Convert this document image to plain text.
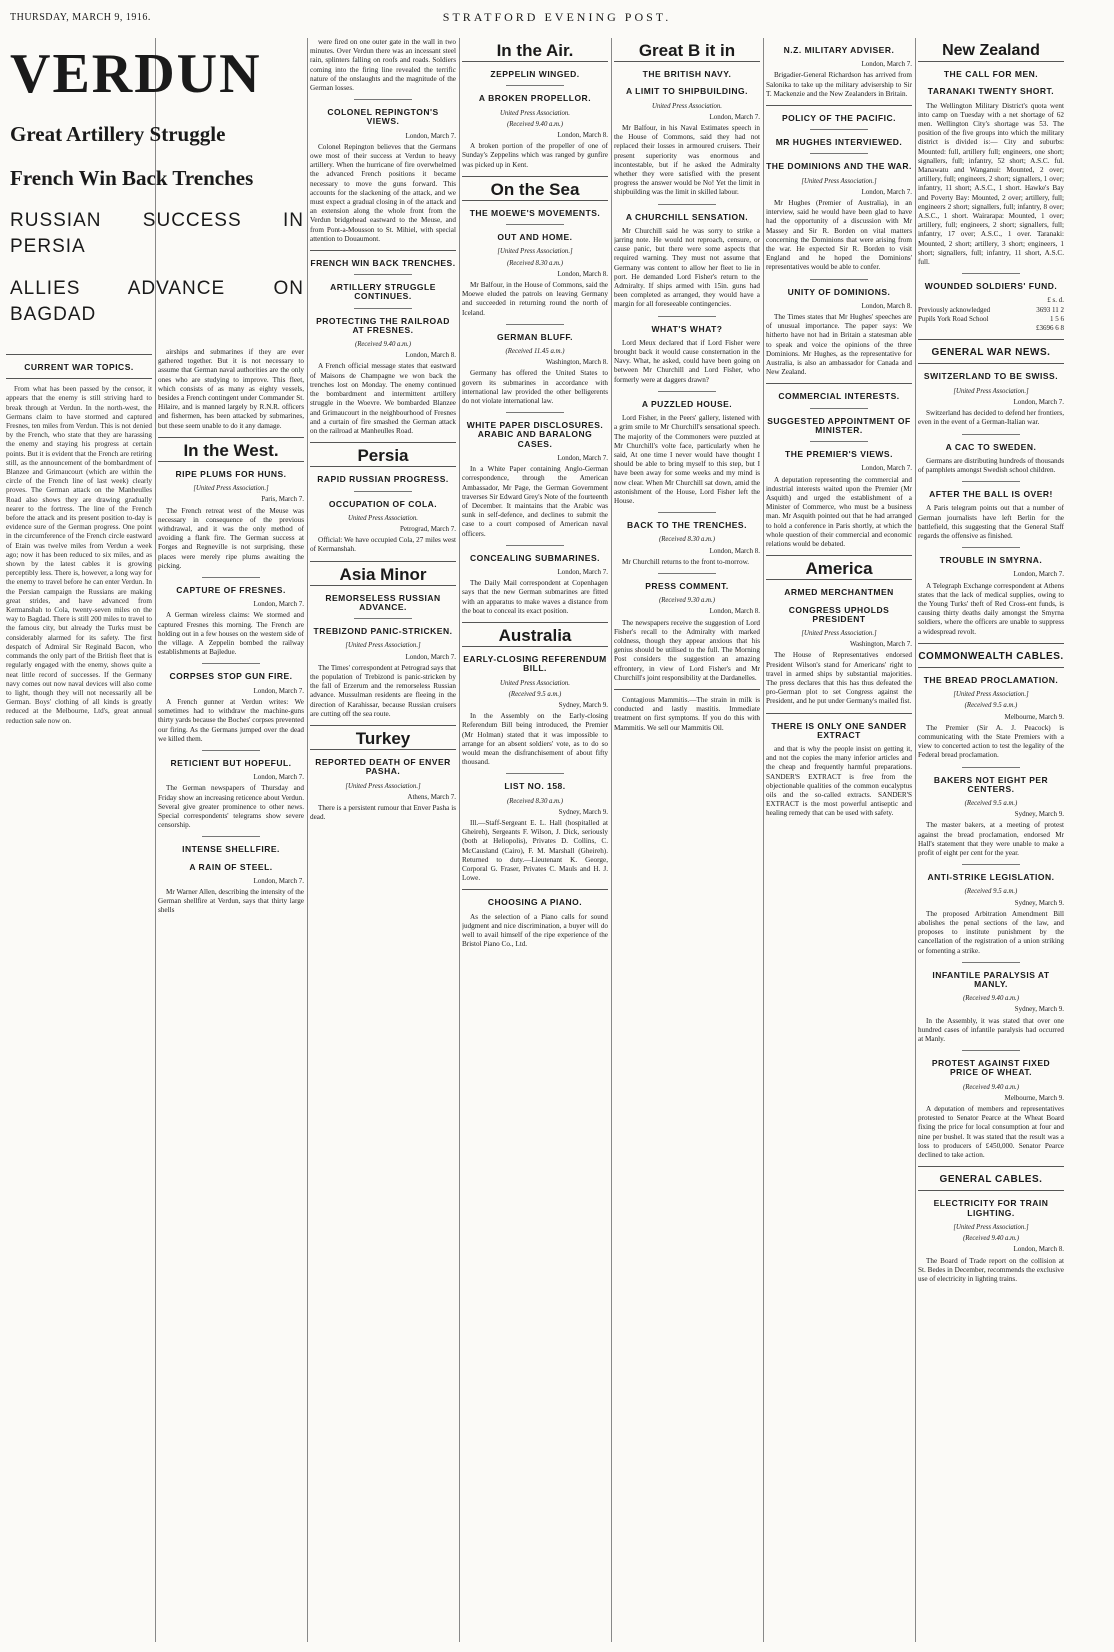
THURSDAY, MARCH 9, 1916.	STRATFORD EVENING POST.
VERDUN
Great Artillery Struggle
French Win Back Trenches
RUSSIAN SUCCESS IN PERSIA
ALLIES ADVANCE ON BAGDAD
CURRENT WAR TOPICS.

From what has been passed by the censor, it appears that the enemy is still striving hard to break through at Verdun. In the north-west, the Germans claim to have stormed and captured Fresnes, ten miles from Verdun. This is not denied by the French, who state that they are harassing the enemy and staying his progress at certain points. But it is evident that the French are retiring still, as the announcement of the bombardment of Blanzee and Grimaucourt (which are within the circle of the French line of last week) clearly proves. The German attack on the Manheulles Road also shows they are drawing gradually nearer to the fortress. The line of the French before the attack and its present position to-day is evidence sure of the German progress. One point in the circumference of the French circle eastward of Etain was twelve miles from Verdun a week ago; now it has been reduced to six miles, and as shown by the latest cables it is growing perceptibly less. There is, however, a long way for the enemy to travel before he can enter Verdun. In the Persian campaign the Russians are making great strides, and have advanced from Kermanshah to Cola, twenty-seven miles on the way to Bagdad. There is still 200 miles to travel to the famous city, but already the Turks must be considerably alarmed for its safety. The first despatch of Admiral Sir Reginald Bacon, who commands the only part of the British fleet that is regularly engaged with the enemy, shows quite a neat little record of successes. If the Germany navy comes out now naval devices will also come to light, though they will not necessarily all be German. Boys' clothing of all kinds is greatly reduced at the Melbourne, Ltd's, great annual reduction sale now on.

airships and submarines if they are ever gathered together. But it is not necessary to assume that German naval authorities are the only ones who are studying to improve. This fleet, which consists of as many as eighty vessels, besides a French contingent under Commander St. Hilaire, and is manned largely by R.N.R. officers and fishermen, has been attacked by submarines, but these seem unable to do it any damage.

In the West.
RIPE PLUMS FOR HUNS.
[United Press Association.]
Paris, March 7.

The French retreat west of the Meuse was necessary in consequence of the previous withdrawal, and it was the only method of avoiding a flank fire. The German success at Forges and Regneville is not surprising, these places were merely ripe plums awaiting the picking.

CAPTURE OF FRESNES.
London, March 7.

A German wireless claims: We stormed and captured Fresnes this morning. The French are holding out in a few houses on the western side of the village. A Zeppelin bombed the railway establishments at Bajledue.

CORPSES STOP GUN FIRE.
London, March 7.

A French gunner at Verdun writes: We sometimes had to withdraw the machine-guns thirty yards because the Boches' corpses prevented our firing. As the Germans jumped over the dead we killed them.

RETICIENT BUT HOPEFUL.
London, March 7.

The German newspapers of Thursday and Friday show an increasing reticence about Verdun. Several give greater prominence to other news. Special correspondents' telegrams show severe censorship.

INTENSE SHELLFIRE.
A RAIN OF STEEL.
London, March 7.

Mr Warner Allen, describing the intensity of the German shellfire at Verdun, says that thirty large shells

were fired on one outer gate in the wall in two minutes. Over Verdun there was an incessant steel rain, splinters falling on roofs and roads. Soldiers coming into the firing line revealed the terrific nature of the onslaughts and the magnitude of the German losses.

COLONEL REPINGTON'S VIEWS.
London, March 7.

Colonel Repington believes that the Germans owe most of their success at Verdun to heavy artillery. When the hurricane of fire overwhelmed the advanced French positions it became necessary to move the guns forward. This accounts for the slackening of the attack, and we must expect a gradual closing in of the attack and an extension along the whole front from the Verdun bridgehead eastward to the Meuse, and from Pont-a-Mousson to St. Mihiel, with special attention to Douaumont.

FRENCH WIN BACK TRENCHES.
ARTILLERY STRUGGLE CONTINUES.
PROTECTING THE RAILROAD AT FRESNES.
(Received 9.40 a.m.)
London, March 8.

A French official message states that eastward of Maisons de Champagne we won back the trenches lost on Monday. The enemy continued the bombardment and intermittent artillery struggle in the Woevre. We bombarded Blanzee and Grimaucourt in the neighbourhood of Fresnes and a curtain of fire smashed the German attack on the railroad at Manheulles Road.

Persia
RAPID RUSSIAN PROGRESS.
OCCUPATION OF COLA.
United Press Association.
Petrograd, March 7.

Official: We have occupied Cola, 27 miles west of Kermanshah.

Asia Minor
REMORSELESS RUSSIAN ADVANCE.
TREBIZOND PANIC-STRICKEN.
[United Press Association.]
London, March 7.

The Times' correspondent at Petrograd says that the population of Trebizond is panic-stricken by the fall of Erzerum and the remorseless Russian advance. Mussulman residents are fleeing in the direction of Karahissar, because Russian cruisers are cutting off the sea route.

Turkey
REPORTED DEATH OF ENVER PASHA.
[United Press Association.]
Athens, March 7.

There is a persistent rumour that Enver Pasha is dead.

In the Air.
ZEPPELIN WINGED.
A BROKEN PROPELLOR.
United Press Association.
(Received 9.40 a.m.)
London, March 8.

A broken portion of the propeller of one of Sunday's Zeppelins which was ranged by gunfire was picked up in Kent.

On the Sea
THE MOEWE'S MOVEMENTS.
OUT AND HOME.
[United Press Association.]
(Received 8.30 a.m.)
London, March 8.

Mr Balfour, in the House of Commons, said the Moewe eluded the patrols on leaving Germany and succeeded in returning round the north of Iceland.

GERMAN BLUFF.
(Received 11.45 a.m.)
Washington, March 8.

Germany has offered the United States to govern its submarines in accordance with international law provided the other belligerents do not violate international law.

WHITE PAPER DISCLOSURES. ARABIC AND BARALONG CASES.
London, March 7.

In a White Paper containing Anglo-German correspondence, through the American Ambassador, Mr Page, the German Government traverses Sir Edward Grey's Note of the fourteenth of December. It maintains that the Arabic was sunk in self-defence, and declines to submit the case to a court composed of American naval officers.

CONCEALING SUBMARINES.
London, March 7.

The Daily Mail correspondent at Copenhagen says that the new German submarines are fitted with an apparatus to make waves a distance from the boat to conceal its exact position.

Australia
EARLY-CLOSING REFERENDUM BILL.
United Press Association.
(Received 9.5 a.m.)
Sydney, March 9.

In the Assembly on the Early-closing Referendum Bill being introduced, the Premier (Mr Holman) stated that it was impossible to arrange for an absent soldiers' vote, as to do so would mean the disfranchisement of about fifty thousand.

LIST NO. 158.
(Received 8.30 a.m.)
Sydney, March 9.

Ill.—Staff-Sergeant E. L. Hall (hospitalled at Gheireh), Sergeants F. Wilson, J. Dick, seriously (both at Heliopolis), Privates D. Collins, C. McCausland (Cairo), F. M. Marshall (Gheireh). Returned to duty.—Lieutenant K. George, Corporal G. Fraser, Privates C. Mauls and H. J. Lowe.

CHOOSING A PIANO.

As the selection of a Piano calls for sound judgment and nice discrimination, a buyer will do well to avail himself of the ripe experience of the Bristol Piano Co., Ltd.

Great B it in
THE BRITISH NAVY.
A LIMIT TO SHIPBUILDING.
United Press Association.
London, March 7.

Mr Balfour, in his Naval Estimates speech in the House of Commons, said they had not replaced their losses in armoured cruisers. Their present superiority was enormous and incontestable, but if he asked the Admiralty whether they were satisfied with the present progress the answer would be No! Yet the limit in shipbuilding was the limit in skilled labour.

A CHURCHILL SENSATION.

Mr Churchill said he was sorry to strike a jarring note. He would not reproach, censure, or cause panic, but there were some aspects that required warning. They must not assume that Germany was content to allow her fleet to lie in port. He demanded Lord Fisher's return to the Admiralty. If ships armed with 15in. guns had been completed as arranged, they would have a margin for all foreseeable contingencies.

WHAT'S WHAT?

Lord Meux declared that if Lord Fisher were brought back it would cause consternation in the Navy. What, he asked, could have been going on between Mr Churchill and Lord Fisher, who formerly were at daggers drawn?

A PUZZLED HOUSE.

Lord Fisher, in the Peers' gallery, listened with a grim smile to Mr Churchill's sensational speech. The majority of the Commoners were puzzled at Mr Churchill's volte face, particularly when he said, At one time I never would have thought I should be able to bring myself to this step, but I have been away for some weeks and my mind is now clear. When Mr Churchill sat down, amid the astonishment of the House, Lord Fisher left the House.

BACK TO THE TRENCHES.
(Received 8.30 a.m.)
London, March 8.

Mr Churchill returns to the front to-morrow.

PRESS COMMENT.
(Received 9.30 a.m.)
London, March 8.

The newspapers receive the suggestion of Lord Fisher's recall to the Admiralty with marked coldness, though they appear anxious that his genius should be utilised to the full. The Morning Post considers the suggestion an amazing effrontery, in view of Lord Fisher's and Mr Churchill's joint responsibility at the Dardanelles.

Contagious Mammitis.—The strain in milk is conducted and lastly mastitis. Immediate treatment on first symptoms. If you do this with Mammitis. We sell our Mammitis Oil.

N.Z. MILITARY ADVISER.
London, March 7.

Brigadier-General Richardson has arrived from Salonika to take up the military advisership to Sir T. Mackenzie and the New Zealanders in Britain.

POLICY OF THE PACIFIC.
MR HUGHES INTERVIEWED.
THE DOMINIONS AND THE WAR.
[United Press Association.]
London, March 7.

Mr Hughes (Premier of Australia), in an interview, said he would have been glad to have had the opportunity of a discussion with Mr Massey and Sir R. Borden on vital matters concerning the Dominions that were arising from the war. He expected Sir R. Borden to visit England and he hoped the Dominions' representatives would be able to confer.

UNITY OF DOMINIONS.
London, March 8.

The Times states that Mr Hughes' speeches are of unusual importance. The paper says: We hitherto have not had in Britain a statesman able to speak and voice the opinions of the three Dominions. Mr Hughes, as the representative for Australia, is also an ambassador for Canada and New Zealand.

COMMERCIAL INTERESTS.
SUGGESTED APPOINTMENT OF MINISTER.
THE PREMIER'S VIEWS.
London, March 7.

A deputation representing the commercial and industrial interests waited upon the Premier (Mr Asquith) and urged the establishment of a Minister of Commerce, who must be a business man. Mr Asquith pointed out that he had arranged to hold a conference in Paris shortly, at which the whole question of their commercial and economic relations would be debated.

America
ARMED MERCHANTMEN
CONGRESS UPHOLDS PRESIDENT
[United Press Association.]
Washington, March 7.

The House of Representatives endorsed President Wilson's stand for Americans' right to travel in armed ships by substantial majorities. The press declares that this has thus defeated the pro-German plot to set Congress against the President, and he put under Germany's mailed fist.

THERE IS ONLY ONE SANDER EXTRACT

and that is why the people insist on getting it, and not the copies the many inferior articles and the cheap and frequently harmful preparations. SANDER'S EXTRACT is free from the objectionable qualities of the common eucalyptus oils and the so-called extracts. SANDER'S EXTRACT is the most powerful antiseptic and healing remedy that can be used with safety.

New Zealand
THE CALL FOR MEN.
TARANAKI TWENTY SHORT.

The Wellington Military District's quota went into camp on Tuesday with a net shortage of 62 men. Wellington City's shortage was 53. The position of the five groups into which the military district is divided is:— City and suburbs: Mounted: full, artillery full; engineers, one short; signallers, full; infantry, 52 short; A.S.C. ful. Manawatu and Wanganui: Mounted, 2 over; artillery, full; engineers, 2 short; signallers, 1 over; infantry, 11 short; A.S.C., 1 short. Hawke's Bay and Poverty Bay: Mounted, 2 over; artillery, full; engineers 2 short; signallers, full; infantry, 8 over; A.S.C., 1 short. Wairarapa: Mounted, 1 over; artillery, full; engineers, 2 short; signallers, full; infantry, 17 over; A.S.C., 1 over. Taranaki: Mounted, 2 short; artillery, 3 short; engineers, 1 short; signallers, full; infantry, 11 short, A.S.C. full.

WOUNDED SOLDIERS' FUND.
£ s. d.
Previously acknowledged	3693 11 2
Pupils York Road School	1 5 6
£3696 6 8
GENERAL WAR NEWS.
SWITZERLAND TO BE SWISS.
[United Press Association.]
London, March 7.

Switzerland has decided to defend her frontiers, even in the event of a German-Italian war.

A CAC TO SWEDEN.

Germans are distributing hundreds of thousands of pamphlets amongst Swedish school children.

AFTER THE BALL IS OVER!

A Paris telegram points out that a number of German journalists have left Berlin for the battlefield, this suggesting that the General Staff regards the offensive as finished.

TROUBLE IN SMYRNA.
London, March 7.

A Telegraph Exchange correspondent at Athens states that the lack of medical supplies, owing to the Young Turks' theft of Red Cross-ent funds, is causing thirty deaths daily amongst the Smyrna soldiers, where the officers are unable to suppress a widespread revolt.

COMMONWEALTH CABLES.
THE BREAD PROCLAMATION.
[United Press Association.]
(Received 9.5 a.m.)
Melbourne, March 9.

The Premier (Sir A. J. Peacock) is communicating with the State Premiers with a view to concerted action to test the legality of the Federal bread proclamation.

BAKERS NOT EIGHT PER CENTERS.
(Received 9.5 a.m.)
Sydney, March 9.

The master bakers, at a meeting of protest against the bread proclamation, endorsed Mr Hall's statement that they were unable to make a profit of eight per cent for the year.

ANTI-STRIKE LEGISLATION.
(Received 9.5 a.m.)
Sydney, March 9.

The proposed Arbitration Amendment Bill abolishes the penal sections of the law, and proposes to institute punishment by the cancellation of the registration of a union striking or fomenting a strike.

INFANTILE PARALYSIS AT MANLY.
(Received 9.40 a.m.)
Sydney, March 9.

In the Assembly, it was stated that over one hundred cases of infantile paralysis had occurred at Manly.

PROTEST AGAINST FIXED PRICE OF WHEAT.
(Received 9.40 a.m.)
Melbourne, March 9.

A deputation of members and representatives protested to Senator Pearce at the Wheat Board fixing the price for local consumption at four and nine per bushel. It was stated that the result was a loss to producers of £450,000. Senator Pearce declined to take action.

GENERAL CABLES.
ELECTRICITY FOR TRAIN LIGHTING.
[United Press Association.]
(Received 9.40 a.m.)
London, March 8.

The Board of Trade report on the collision at St. Bedes in December, recommends the exclusive use of electricity in lighting trains.
